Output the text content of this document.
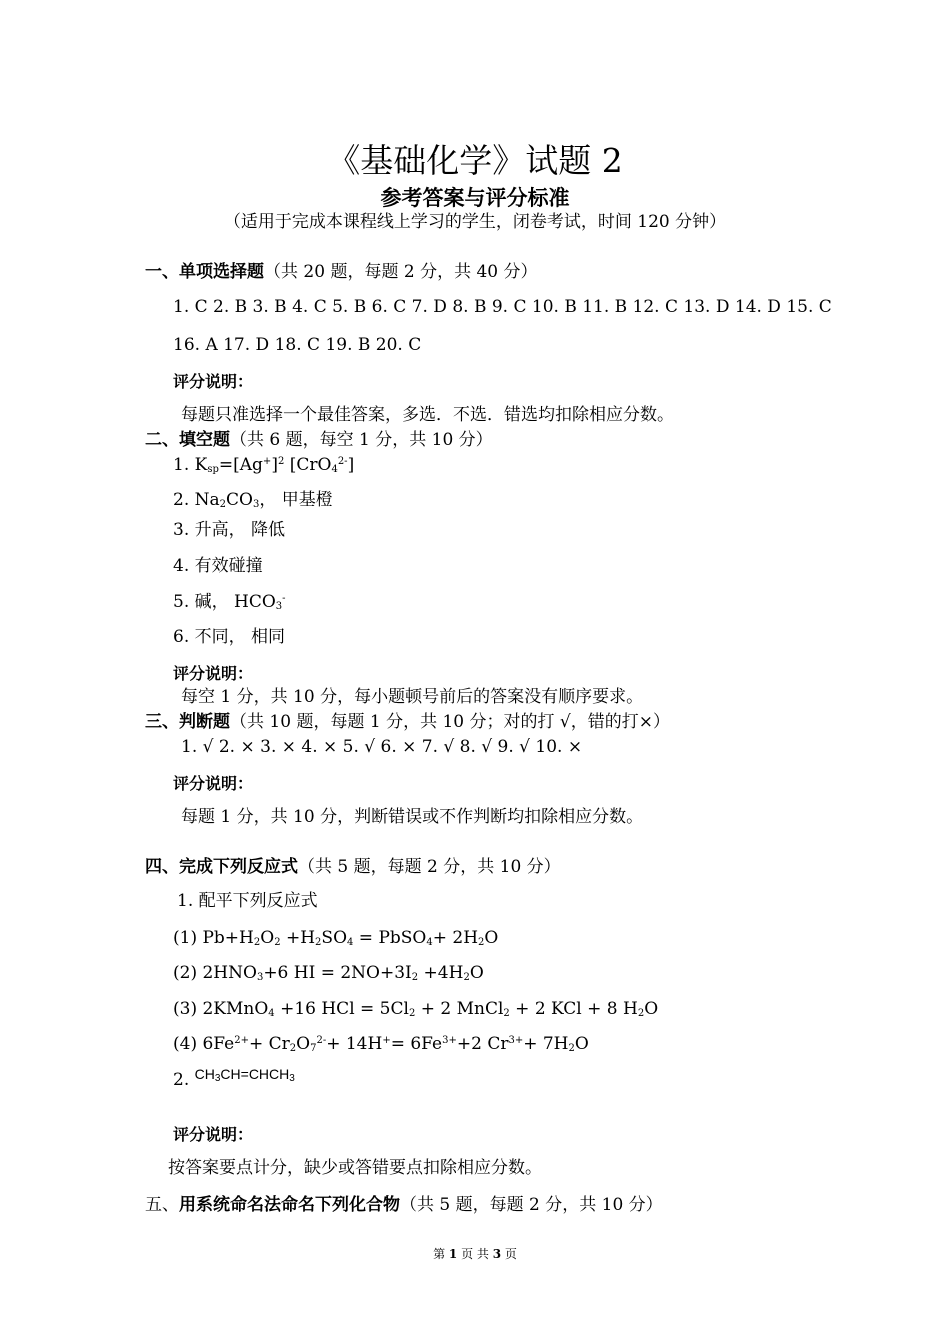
《基础化学》试题 2
参考答案与评分标准
（适用于完成本课程线上学习的学生，闭卷考试，时间 120 分钟）
一、单项选择题（共 20 题，每题 2 分，共 40 分）
1. C 2. B 3. B 4. C 5. B 6. C 7. D 8. B 9. C 10. B 11. B 12. C 13. D 14. D 15. C
16. A 17. D 18. C 19. B 20. C
评分说明：
每题只准选择一个最佳答案，多选．不选．错选均扣除相应分数。
二、填空题（共 6 题，每空 1 分，共 10 分）
1. $K_{sp}=[Ag^+]^2$ [CrO$_4^{2-}$]
2. $Na_2CO_3$， 甲基橙
3. 升高， 降低
4. 有效碰撞
5. 碱， $HCO_3^-$
6. 不同， 相同
评分说明：
每空 1 分，共 10 分，每小题顿号前后的答案没有顺序要求。
三、判断题（共 10 题，每题 1 分，共 10 分；对的打 √，错的打×）
1. √ 2. × 3. × 4. × 5. √ 6. × 7. √ 8. √ 9. √ 10. ×
评分说明：
每题 1 分，共 10 分，判断错误或不作判断均扣除相应分数。
四、完成下列反应式（共 5 题，每题 2 分，共 10 分）
1. 配平下列反应式
(1) $Pb+H_2O_2 +H_2SO_4$ = PbSO$_4$+ $2H_2O$
(2) $2HNO_3+6$ HI = $2NO+3I_2 +4H_2O$
(3) 2KMnO$_4$ +16 HCl = $5Cl_2 + 2$ MnCl$_2$ + 2 KCl + 8 $H_2O$
(4) $6Fe^{2+}+ Cr_2O_7^{2-}+ 14H^+= 6Fe^{3+}+2$ $Cr^{3+}+ 7H_2O$
2. $^{CH_3CH=CHCH_3}$
评分说明：
按答案要点计分，缺少或答错要点扣除相应分数。
五、用系统命名法命名下列化合物（共 5 题，每题 2 分，共 10 分）
第 1 页 共 3 页
